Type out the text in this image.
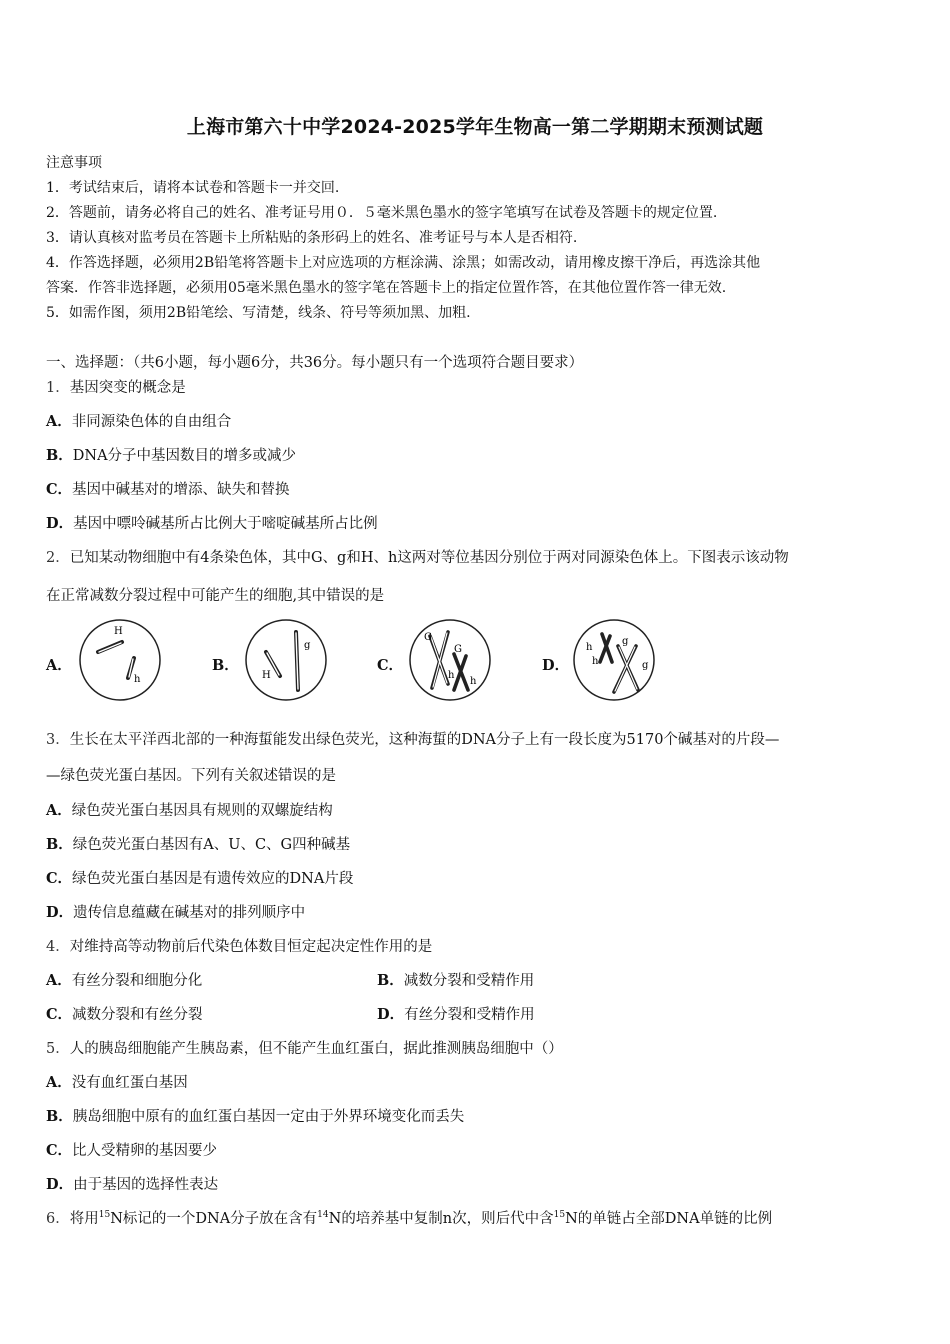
上海市第六十中学2024-2025学年生物高一第二学期期末预测试题
注意事项
1．考试结束后，请将本试卷和答题卡一并交回.
2．答题前，请务必将自己的姓名、准考证号用０．５毫米黑色墨水的签字笔填写在试卷及答题卡的规定位置.
3．请认真核对监考员在答题卡上所粘贴的条形码上的姓名、准考证号与本人是否相符.
4．作答选择题，必须用2B铅笔将答题卡上对应选项的方框涂满、涂黑；如需改动，请用橡皮擦干净后，再选涂其他
答案．作答非选择题，必须用05毫米黑色墨水的签字笔在答题卡上的指定位置作答，在其他位置作答一律无效.
5．如需作图，须用2B铅笔绘、写清楚，线条、符号等须加黑、加粗.
一、选择题：（共6小题，每小题6分，共36分。每小题只有一个选项符合题目要求）
1．基因突变的概念是
A．非同源染色体的自由组合
B．DNA分子中基因数目的增多或减少
C．基因中碱基对的增添、缺失和替换
D．基因中嘌呤碱基所占比例大于嘧啶碱基所占比例
2．已知某动物细胞中有4条染色体，其中G、g和H、h这两对等位基因分别位于两对同源染色体上。下图表示该动物
在正常减数分裂过程中可能产生的细胞,其中错误的是
A．
H
h
B．
H
g
C．
G
G
h
h
D．
h
h
g
g
3．生长在太平洋西北部的一种海蜇能发出绿色荧光，这种海蜇的DNA分子上有一段长度为5170个碱基对的片段—
—绿色荧光蛋白基因。下列有关叙述错误的是
A．绿色荧光蛋白基因具有规则的双螺旋结构
B．绿色荧光蛋白基因有A、U、C、G四种碱基
C．绿色荧光蛋白基因是有遗传效应的DNA片段
D．遗传信息蕴藏在碱基对的排列顺序中
4．对维持高等动物前后代染色体数目恒定起决定性作用的是
A．有丝分裂和细胞分化	B．减数分裂和受精作用
C．减数分裂和有丝分裂	D．有丝分裂和受精作用
5．人的胰岛细胞能产生胰岛素，但不能产生血红蛋白，据此推测胰岛细胞中（）
A．没有血红蛋白基因
B．胰岛细胞中原有的血红蛋白基因一定由于外界环境变化而丢失
C．比人受精卵的基因要少
D．由于基因的选择性表达
6．将用$^{15}$N标记的一个DNA分子放在含有$^{14}$N的培养基中复制n次，则后代中含$^{15}$N的单链占全部DNA单链的比例
